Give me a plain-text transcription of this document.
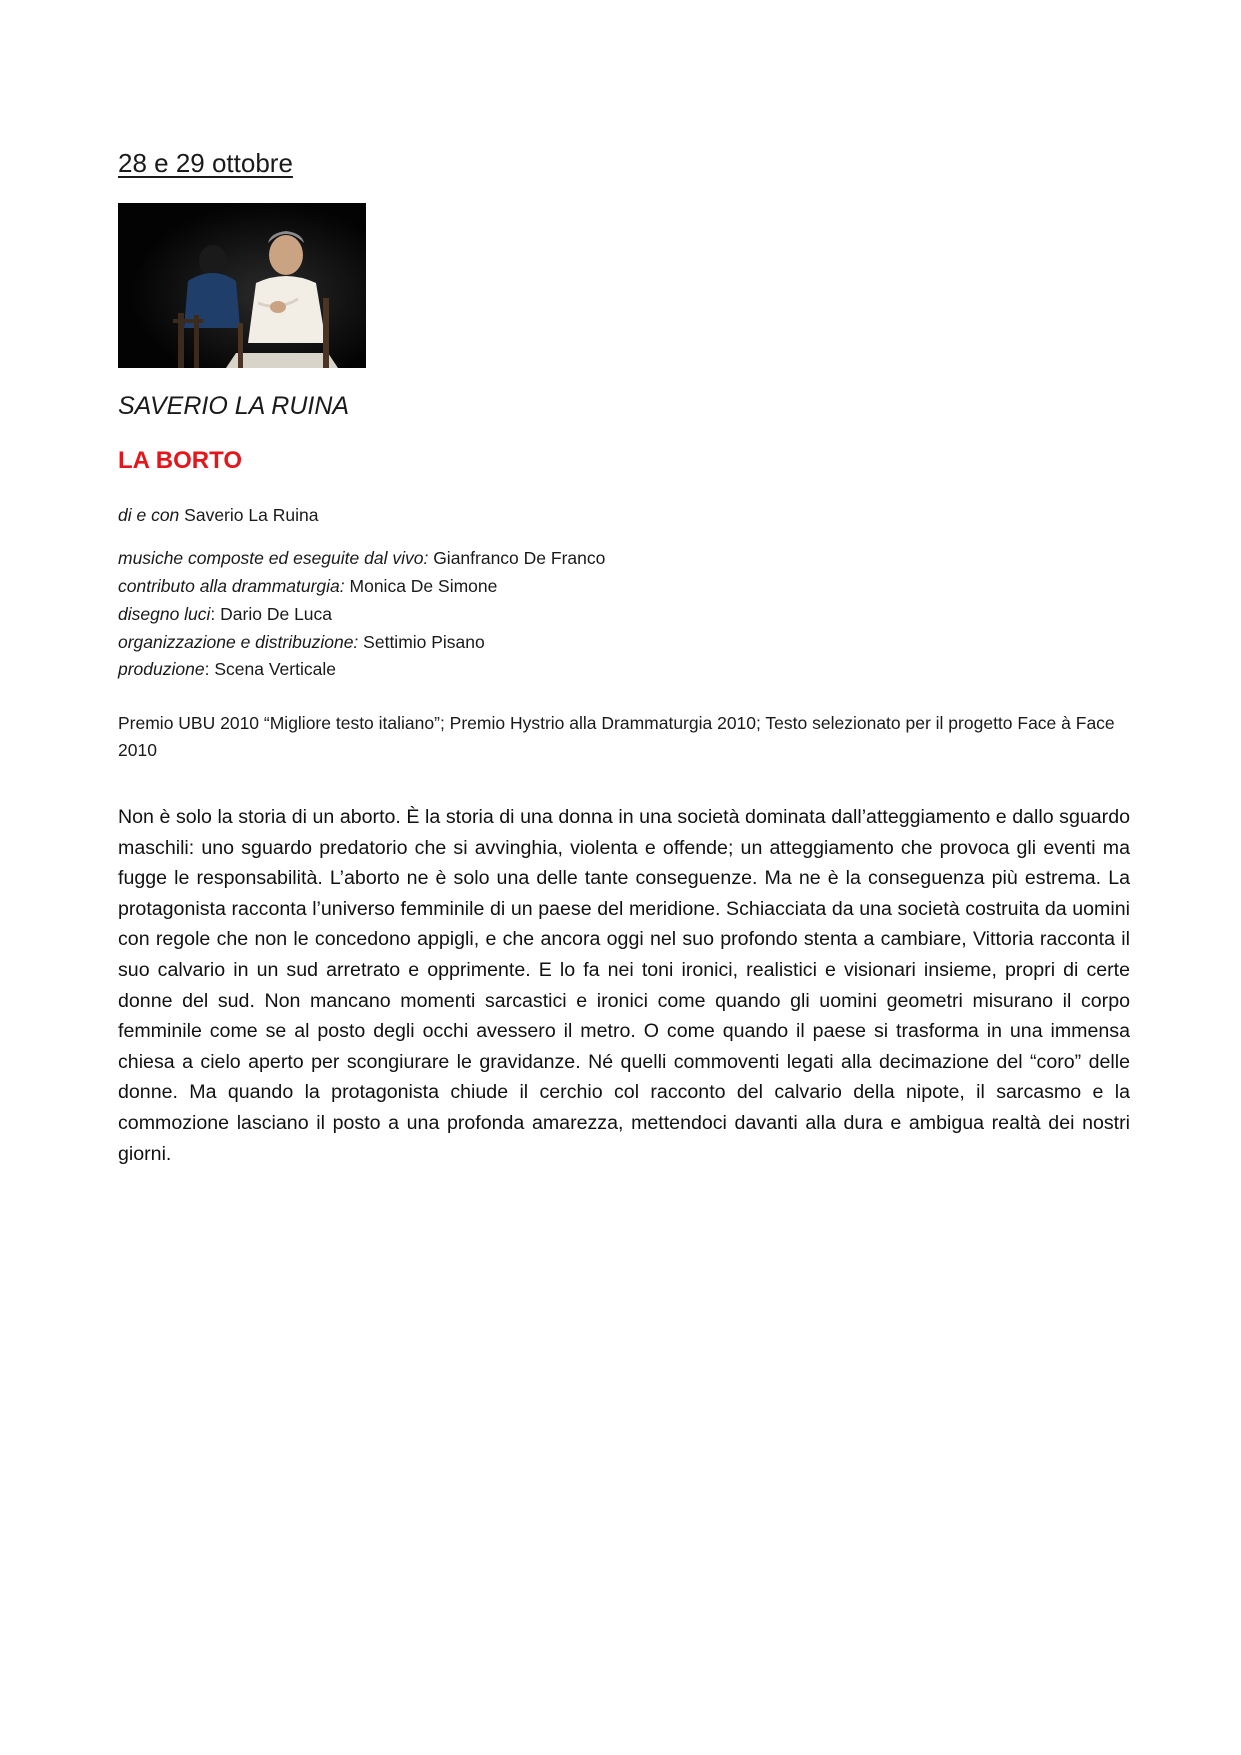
28 e 29 ottobre
SAVERIO LA RUINA
LA BORTO
di e con Saverio La Ruina
musiche composte ed eseguite dal vivo: Gianfranco De Franco
contributo alla drammaturgia: Monica De Simone
disegno luci: Dario De Luca
organizzazione e distribuzione: Settimio Pisano
produzione: Scena Verticale
Premio UBU 2010 “Migliore testo italiano”; Premio Hystrio alla Drammaturgia 2010; Testo selezionato per il progetto Face à Face 2010
Non è solo la storia di un aborto. È la storia di una donna in una società dominata dall’atteggiamento e dallo sguardo maschili: uno sguardo predatorio che si avvinghia, violenta e offende; un atteggiamento che provoca gli eventi ma fugge le responsabilità. L’aborto ne è solo una delle tante conseguenze. Ma ne è la conseguenza più estrema. La protagonista racconta l’universo femminile di un paese del meridione. Schiacciata da una società costruita da uomini con regole che non le concedono appigli, e che ancora oggi nel suo profondo stenta a cambiare, Vittoria racconta il suo calvario in un sud arretrato e opprimente. E lo fa nei toni ironici, realistici e visionari insieme, propri di certe donne del sud. Non mancano momenti sarcastici e ironici come quando gli uomini geometri misurano il corpo femminile come se al posto degli occhi avessero il metro. O come quando il paese si trasforma in una immensa chiesa a cielo aperto per scongiurare le gravidanze. Né quelli commoventi legati alla decimazione del “coro” delle donne. Ma quando la protagonista chiude il cerchio col racconto del calvario della nipote, il sarcasmo e la commozione lasciano il posto a una profonda amarezza, mettendoci davanti alla dura e ambigua realtà dei nostri giorni.
